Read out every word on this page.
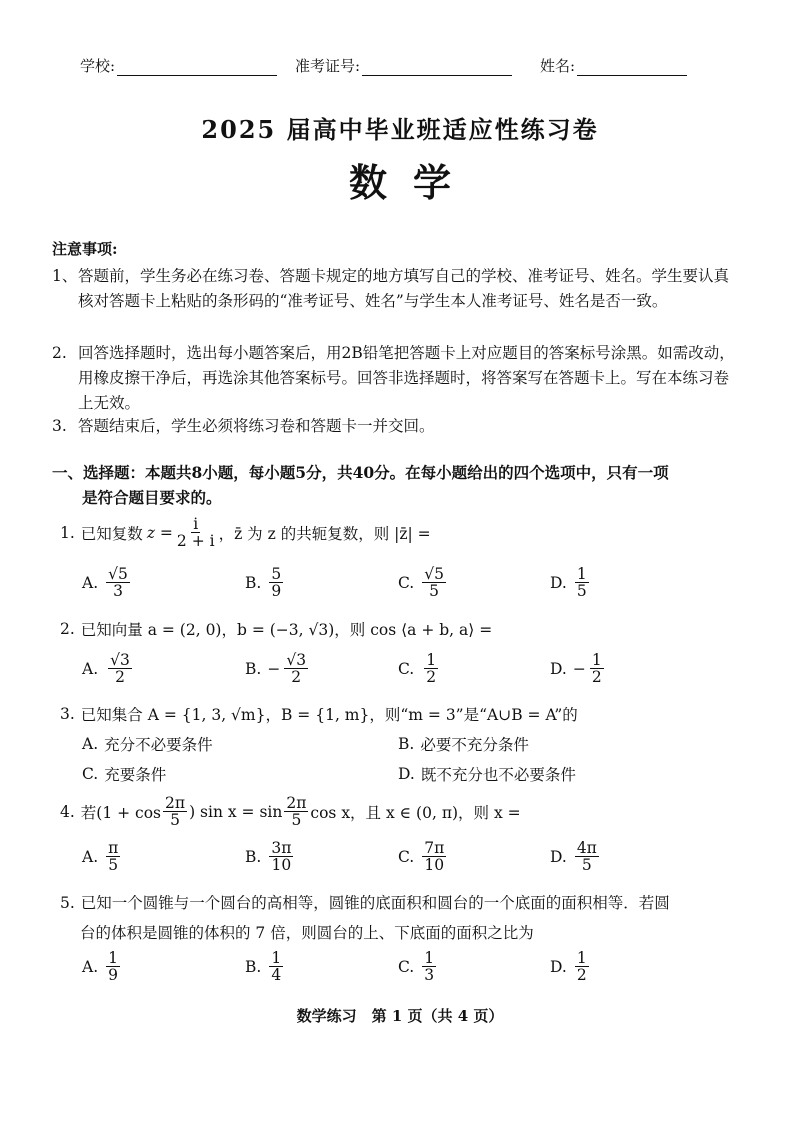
学校:	准考证号:	姓名:
2025 届高中毕业班适应性练习卷
数学
注意事项:
1、 答题前，学生务必在练习卷、答题卡规定的地方填写自己的学校、准考证号、姓名。学生要认真核对答题卡上粘贴的条形码的“准考证号、姓名”与学生本人准考证号、姓名是否一致。
2. 回答选择题时，选出每小题答案后，用2B铅笔把答题卡上对应题目的答案标号涂黑。如需改动，用橡皮擦干净后，再选涂其他答案标号。回答非选择题时，将答案写在答题卡上。写在本练习卷上无效。
3. 答题结束后，学生必须将练习卷和答题卡一并交回。
一、选择题：本题共8小题，每小题5分，共40分。在每小题给出的四个选项中，只有一项
是符合题目要求的。
1. 已知复数 $z = \frac{i}{2 + i}$ ，z̄ 为 z 的共轭复数，则 |z̄| =
A. $\frac{√5}{3}$	B. $\frac{5}{9}$	C. $\frac{√5}{5}$	D. $\frac{1}{5}$
2. 已知向量 a = (2, 0)，b = (−3, √3)，则 cos ⟨a + b, a⟩ =
A. $\frac{√3}{2}$	B. − $\frac{√3}{2}$	C. $\frac{1}{2}$	D. − $\frac{1}{2}$
3. 已知集合 A = {1, 3, √m}，B = {1, m}，则“m = 3”是“A∪B = A”的
A. 充分不必要条件	B. 必要不充分条件
C. 充要条件	D. 既不充分也不必要条件
4. 若($1 + \cos \frac{2\pi}{5}$ ) $\sin x = \sin \frac{2\pi}{5}$ cos x，且 x ∈ (0, π)，则 x =
A. $\frac{\pi}{5}$	B. $\frac{3\pi}{10}$	C. $\frac{7\pi}{10}$	D. $\frac{4\pi}{5}$
5. 已知一个圆锥与一个圆台的高相等，圆锥的底面积和圆台的一个底面的面积相等．若圆
台的体积是圆锥的体积的 7 倍，则圆台的上、下底面的面积之比为
A. $\frac{1}{9}$	B. $\frac{1}{4}$	C. $\frac{1}{3}$	D. $\frac{1}{2}$
数学练习　第 1 页（共 4 页）
